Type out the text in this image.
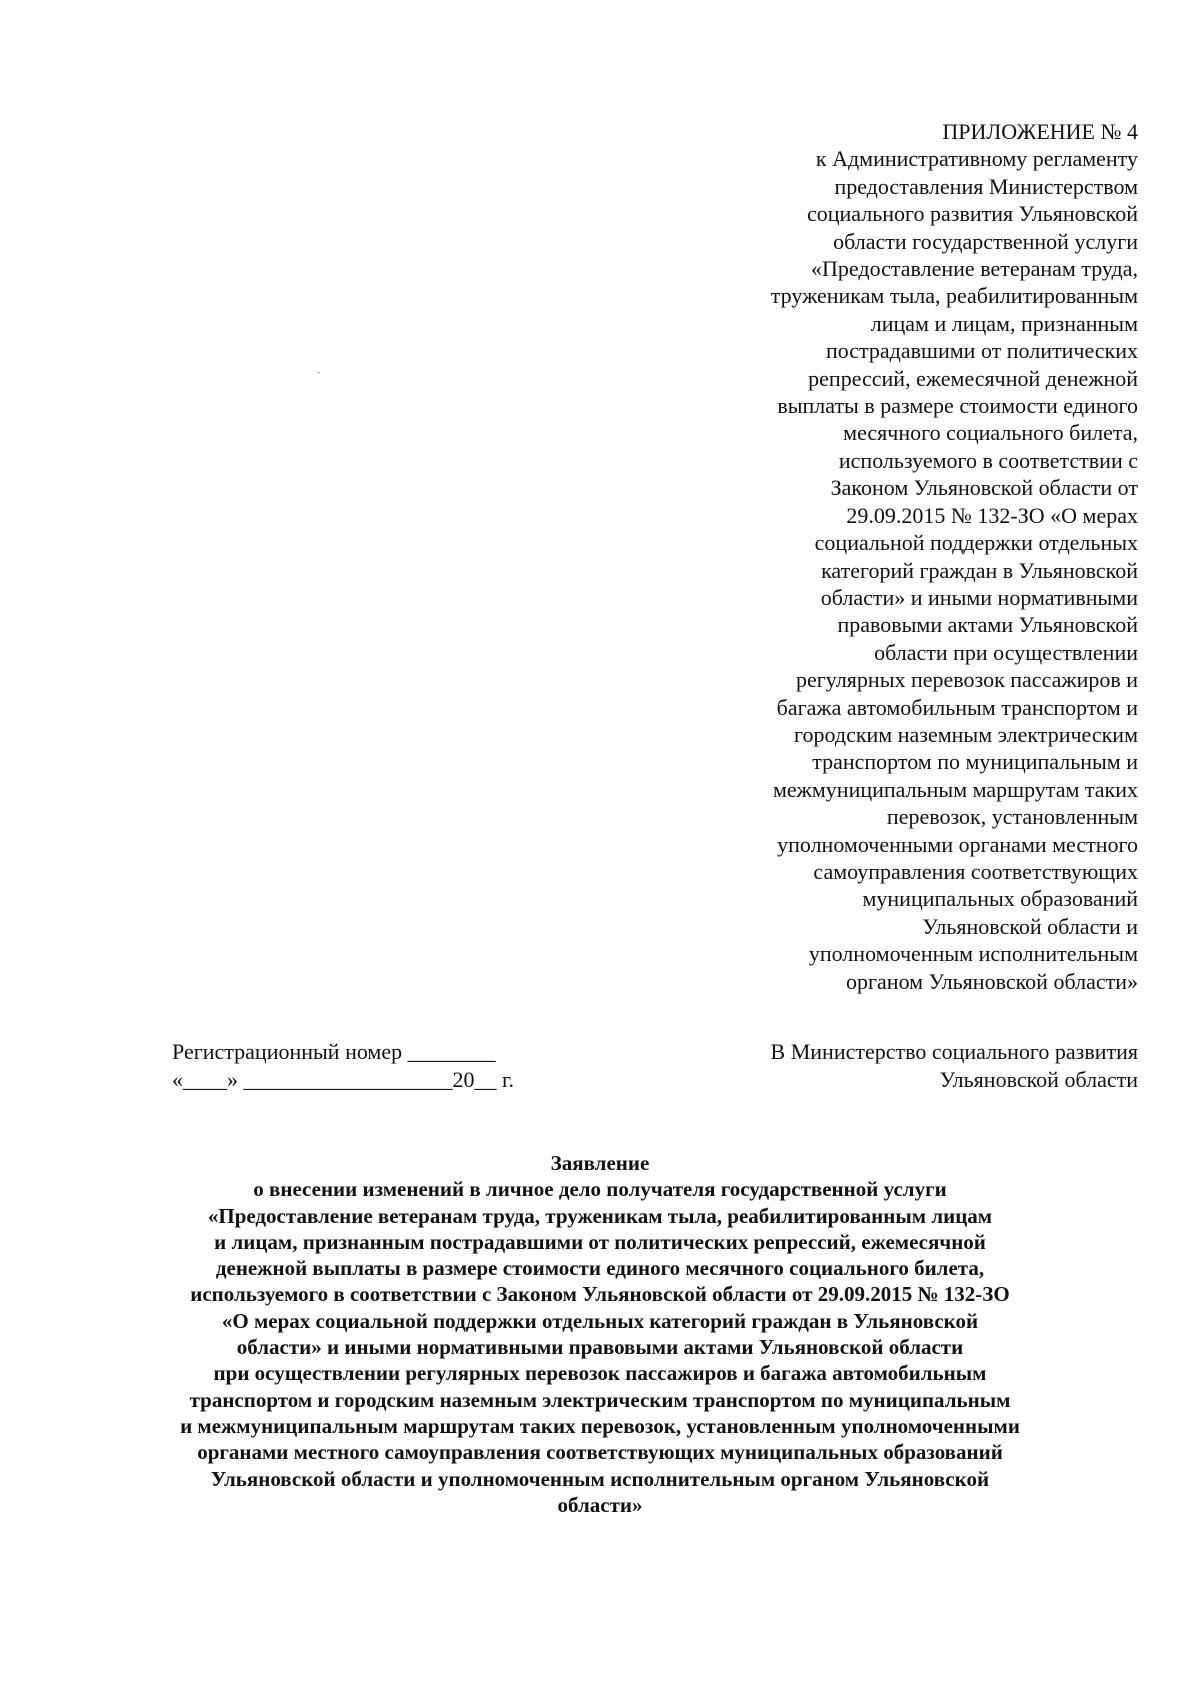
ПРИЛОЖЕНИЕ № 4
к Административному регламенту
предоставления Министерством
социального развития Ульяновской
области государственной услуги
«Предоставление ветеранам труда,
труженикам тыла, реабилитированным
лицам и лицам, признанным
пострадавшими от политических
репрессий, ежемесячной денежной
выплаты в размере стоимости единого
месячного социального билета,
используемого в соответствии с
Законом Ульяновской области от
29.09.2015 № 132-ЗО «О мерах
социальной поддержки отдельных
категорий граждан в Ульяновской
области» и иными нормативными
правовыми актами Ульяновской
области при осуществлении
регулярных перевозок пассажиров и
багажа автомобильным транспортом и
городским наземным электрическим
транспортом по муниципальным и
межмуниципальным маршрутам таких
перевозок, установленным
уполномоченными органами местного
самоуправления соответствующих
муниципальных образований
Ульяновской области и
уполномоченным исполнительным
органом Ульяновской области»
Регистрационный номер ________
«____» ___________________20__ г.
В Министерство социального развития
Ульяновской области
Заявление
о внесении изменений в личное дело получателя государственной услуги
«Предоставление ветеранам труда, труженикам тыла, реабилитированным лицам
и лицам, признанным пострадавшими от политических репрессий, ежемесячной
денежной выплаты в размере стоимости единого месячного социального билета,
используемого в соответствии с Законом Ульяновской области от 29.09.2015 № 132-ЗО
«О мерах социальной поддержки отдельных категорий граждан в Ульяновской
области» и иными нормативными правовыми актами Ульяновской области
при осуществлении регулярных перевозок пассажиров и багажа автомобильным
транспортом и городским наземным электрическим транспортом по муниципальным
и межмуниципальным маршрутам таких перевозок, установленным уполномоченными
органами местного самоуправления соответствующих муниципальных образований
Ульяновской области и уполномоченным исполнительным органом Ульяновской
области»
